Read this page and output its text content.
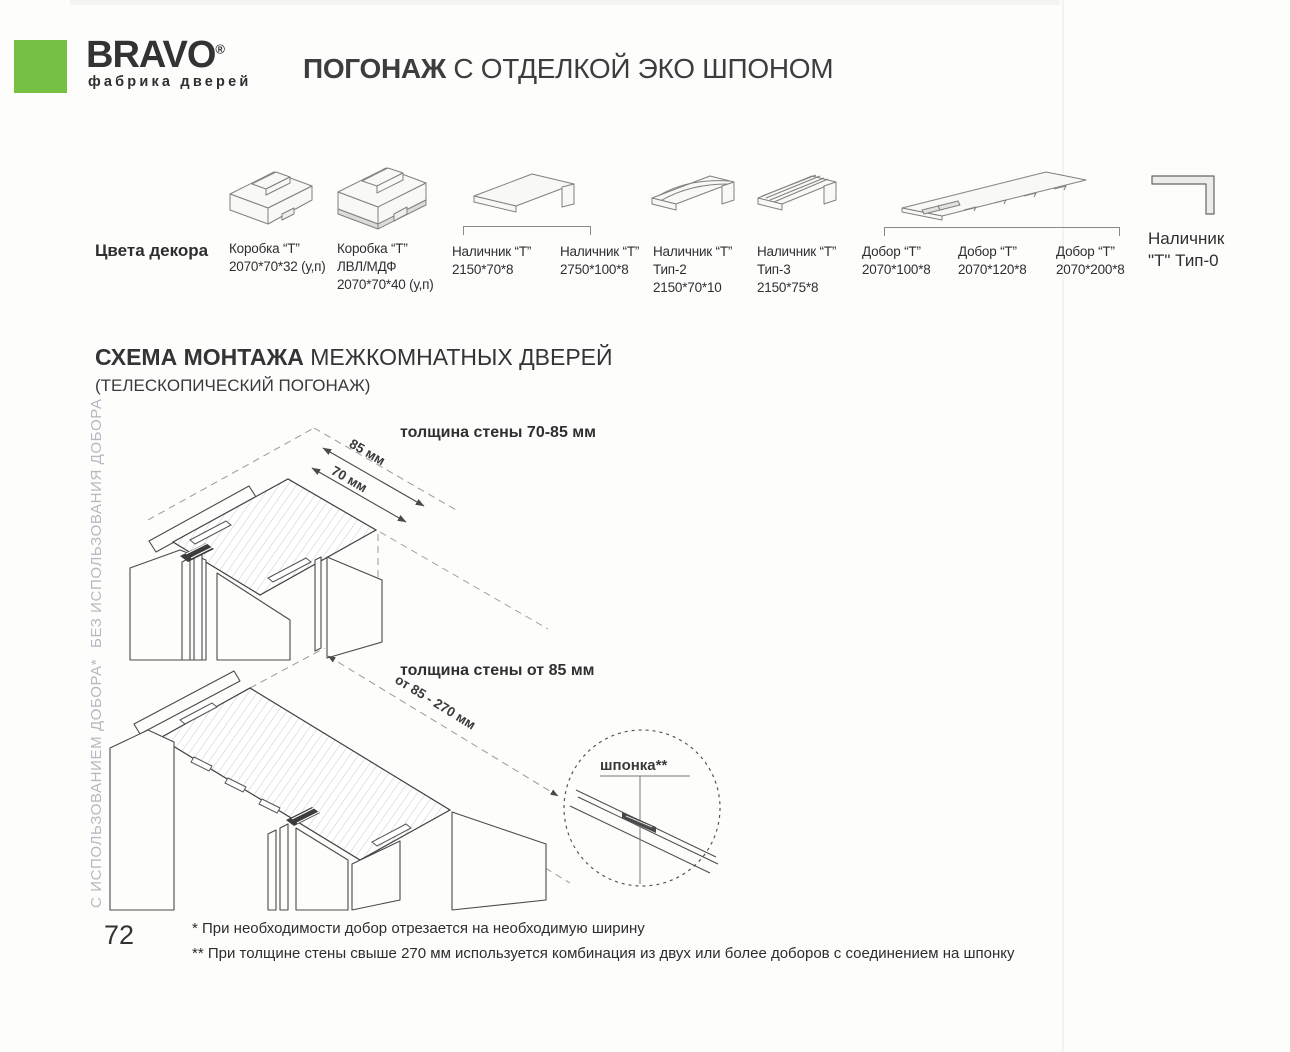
BRAVO®
фабрика дверей ПОГОНАЖ С ОТДЕЛКОЙ ЭКО ШПОНОМ
Цвета декора Коробка “Т”
2070*70*32 (у,п)
Коробка “Т”
ЛВЛ/МДФ
2070*70*40 (у,п)
Наличник “Т”
2150*70*8
Наличник “Т”
2750*100*8
Наличник “Т”
Тип-2
2150*70*10
Наличник “Т”
Тип-3
2150*75*8
Добор “Т”
2070*100*8
Добор “Т”
2070*120*8
Добор “Т”
2070*200*8
Наличник
"Т" Тип-0
СХЕМА МОНТАЖА МЕЖКОМНАТНЫХ ДВЕРЕЙ
(ТЕЛЕСКОПИЧЕСКИЙ ПОГОНАЖ)
БЕЗ ИСПОЛЬЗОВАНИЯ ДОБОРА
С ИСПОЛЬЗОВАНИЕМ ДОБОРА*
толщина стены 70-85 мм
толщина стены от 85 мм
85 мм
70 мм
от 85 - 270 мм
шпонка**
72	* При необходимости добор отрезается на необходимую ширину
** При толщине стены свыше 270 мм используется комбинация из двух или более доборов с соединением на шпонку
